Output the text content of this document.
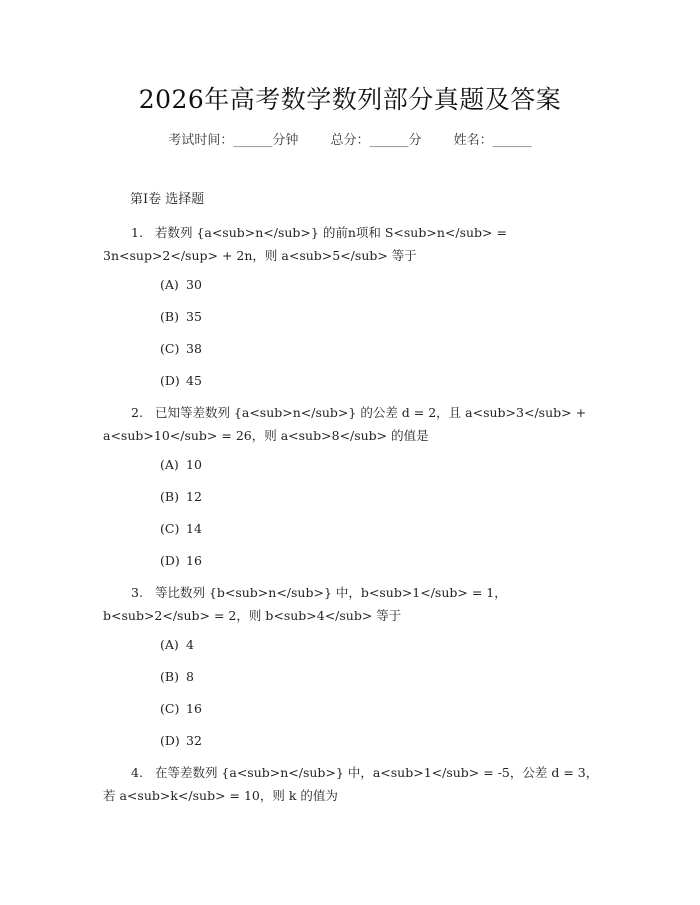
2026年高考数学数列部分真题及答案
考试时间：______分钟 总分：______分 姓名：______
第Ⅰ卷 选择题
1. 若数列 {a<sub>n</sub>} 的前n项和 S<sub>n</sub> = 3n<sup>2</sup> + 2n，则 a<sub>5</sub> 等于
(A) 30
(B) 35
(C) 38
(D) 45
2. 已知等差数列 {a<sub>n</sub>} 的公差 d = 2，且 a<sub>3</sub> + a<sub>10</sub> = 26，则 a<sub>8</sub> 的值是
(A) 10
(B) 12
(C) 14
(D) 16
3. 等比数列 {b<sub>n</sub>} 中，b<sub>1</sub> = 1，b<sub>2</sub> = 2，则 b<sub>4</sub> 等于
(A) 4
(B) 8
(C) 16
(D) 32
4. 在等差数列 {a<sub>n</sub>} 中，a<sub>1</sub> = -5，公差 d = 3，若 a<sub>k</sub> = 10，则 k 的值为
